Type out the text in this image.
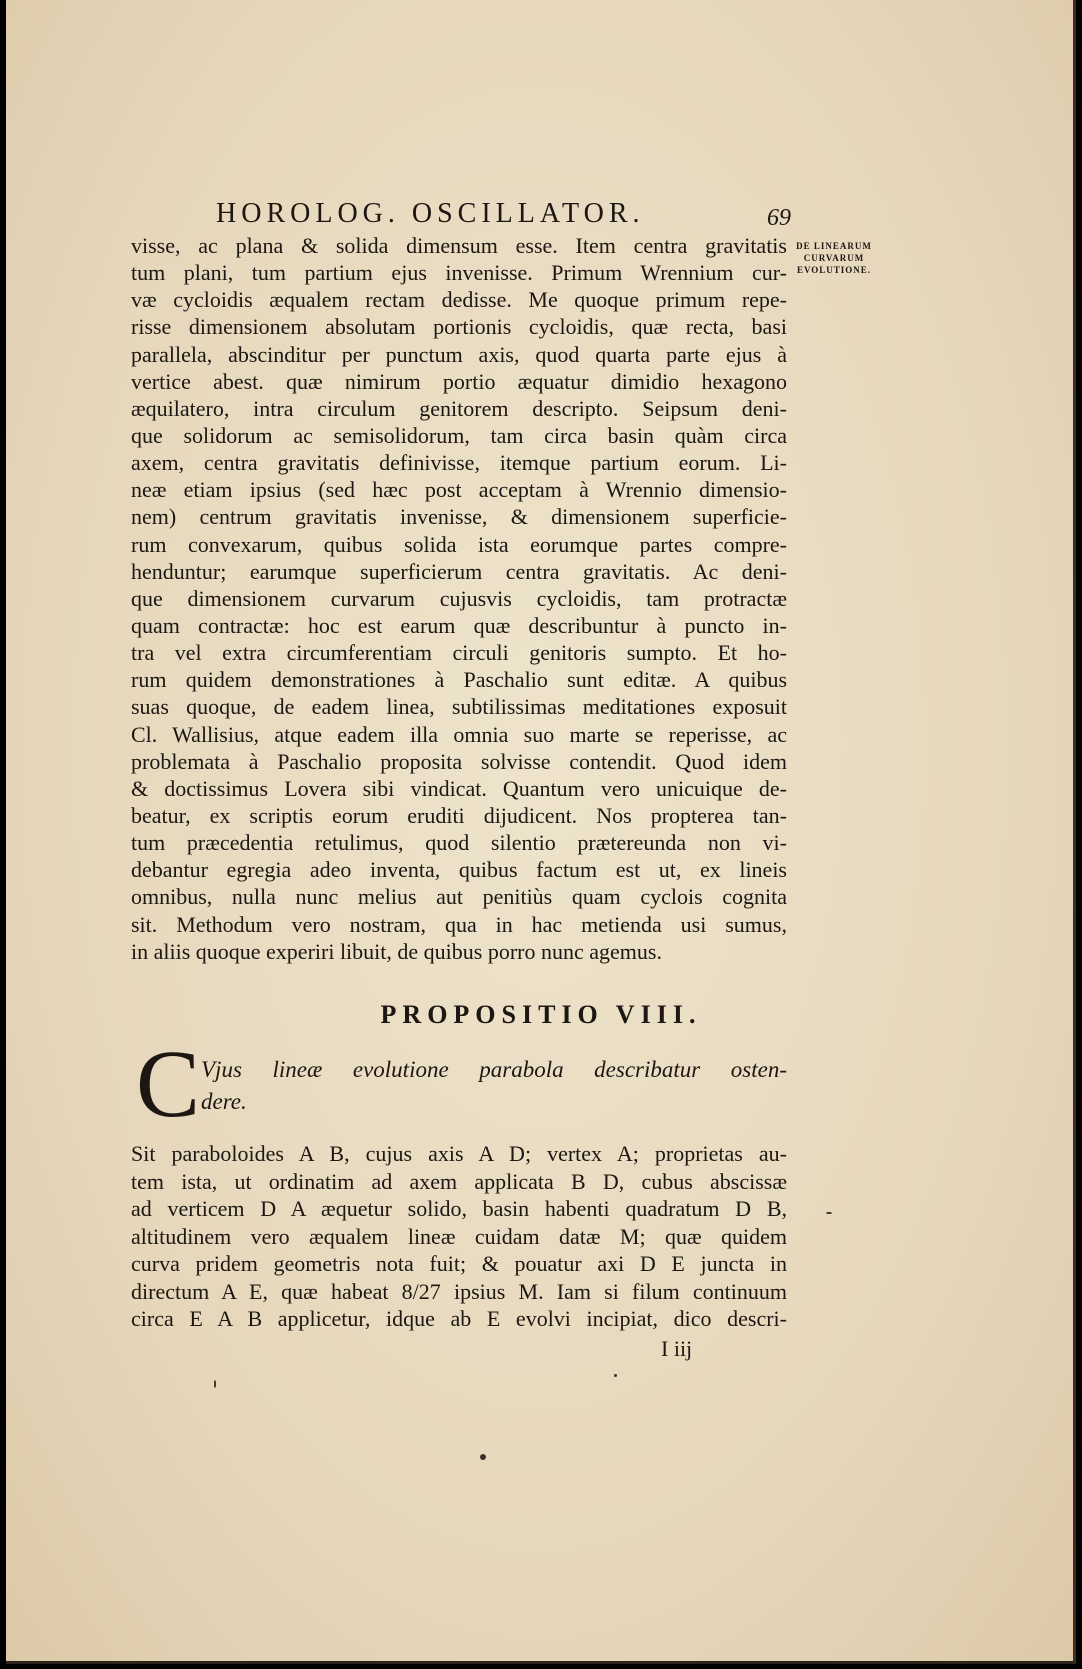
HOROLOG. OSCILLATOR.	69
DE LINEARUM
CURVARUM
EVOLUTIONE.
visse, ac plana & solida dimensum esse. Item centra gravitatis
tum plani, tum partium ejus invenisse. Primum Wrennium cur-
væ cycloidis æqualem rectam dedisse. Me quoque primum repe-
risse dimensionem absolutam portionis cycloidis, quæ recta, basi
parallela, abscinditur per punctum axis, quod quarta parte ejus à
vertice abest. quæ nimirum portio æquatur dimidio hexagono
æquilatero, intra circulum genitorem descripto. Seipsum deni-
que solidorum ac semisolidorum, tam circa basin quàm circa
axem, centra gravitatis definivisse, itemque partium eorum. Li-
neæ etiam ipsius (sed hæc post acceptam à Wrennio dimensio-
nem) centrum gravitatis invenisse, & dimensionem superficie-
rum convexarum, quibus solida ista eorumque partes compre-
henduntur; earumque superficierum centra gravitatis. Ac deni-
que dimensionem curvarum cujusvis cycloidis, tam protractæ
quam contractæ: hoc est earum quæ describuntur à puncto in-
tra vel extra circumferentiam circuli genitoris sumpto. Et ho-
rum quidem demonstrationes à Paschalio sunt editæ. A quibus
suas quoque, de eadem linea, subtilissimas meditationes exposuit
Cl. Wallisius, atque eadem illa omnia suo marte se reperisse, ac
problemata à Paschalio proposita solvisse contendit. Quod idem
& doctissimus Lovera sibi vindicat. Quantum vero unicuique de-
beatur, ex scriptis eorum eruditi dijudicent. Nos propterea tan-
tum præcedentia retulimus, quod silentio prætereunda non vi-
debantur egregia adeo inventa, quibus factum est ut, ex lineis
omnibus, nulla nunc melius aut penitiùs quam cyclois cognita
sit. Methodum vero nostram, qua in hac metienda usi sumus,
in aliis quoque experiri libuit, de quibus porro nunc agemus.
PROPOSITIO VIII.
C Vjus lineæ evolutione parabola describatur osten-
dere.
Sit paraboloides A B, cujus axis A D; vertex A; proprietas au-
tem ista, ut ordinatim ad axem applicata B D, cubus abscissæ
ad verticem D A æquetur solido, basin habenti quadratum D B,
altitudinem vero æqualem lineæ cuidam datæ M; quæ quidem
curva pridem geometris nota fuit; & pouatur axi D E juncta in
directum A E, quæ habeat 8/27 ipsius M. Iam si filum continuum
circa E A B applicetur, idque ab E evolvi incipiat, dico descri-
I iij
